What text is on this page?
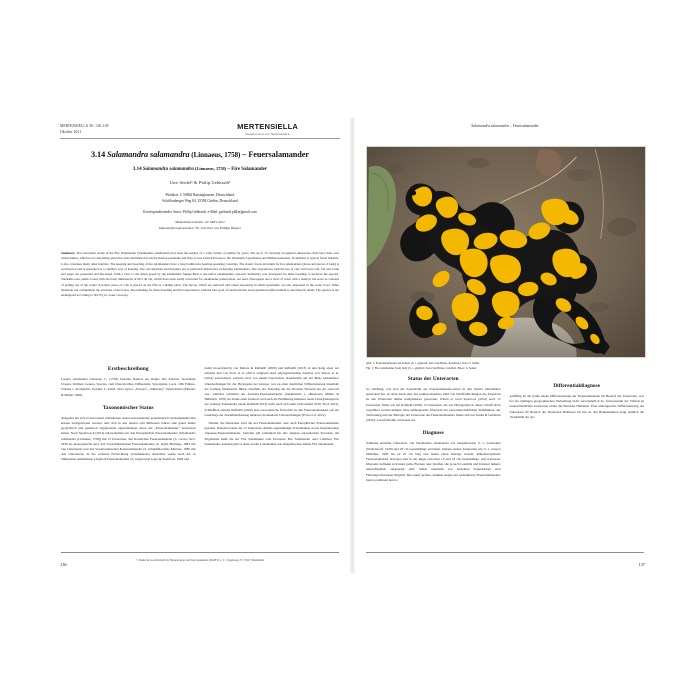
MERTENSIELLA 30: 136–149
Oktober 2021
MERTENSIELLA
Supplement zur Salamandra
3.14 Salamandra salamandra (Linnaeus, 1758) – Feuersalamander
3.14 Salamandra salamandra (Linnaeus, 1758) – Fire Salamander
Uwe Seidel¹ & Philip Gebhardt²
¹Brinkstr. 5, 50862 Barsinghausen, Deutschland.
²Schiffenberger Weg 84, 35394 Gießen, Deutschland.
Korrespondierender Autor: Philip Gebhardt, e-Mail: gerhardt.phl[at]gmail.com
Manuskript erhalten: 20. März 2021
Manuskript angenommen: 30. Juli 2021 von Philipp Wagner
Summary. The taxonomic status of the Fire Salamander (Salamandra salamandra) has been the subject of a wide variety of studies for years. The up to 15 currently recognized subspecies often have their own trivial names, which is not surprising given the wide distribution from the Iberian peninsula and Italy across Central Europe to the Ukrainian Carpathians and Balkan peninsula. In addition to typical forest habitats, it also colonizes many other habitats. The keeping and breeding of fire salamanders have a long tradition in German-speaking countries. The classic forest terrarium for fire salamanders (moss and pieces of bark) is well known and is presented as a common way of keeping. The soil substrate and moisture are of particular importance in keeping salamanders. The experiences with the use of clay and forest soil, but also foam and paper are presented and discussed. With a view to the threat posed by the salamander fungus Bsal to the native salamanders, enzootic husbandry was developed for mass breeding to preserve the species. Stackable euro plastic boxes with the basic dimensions of 60 x 40 cm, which have been easily converted for salamander preservation, are used. Newspaper and a bowl of water with a shallow tile serve as a means of getting out of the water! A hollow piece of cork is placed on the thin as a hiding place. The larvae, which are removed and raised separately in small aquariums, are also deposited in the water bowl. Other materials can complement the structure of the boxes. The handling for mass breeding and first experiences with the later goal of reintroduction and population reinforcement is described in detail. The species is not endangered according to IUCN (LC, least concern).
Erstbeschreibung

Lacerta salamandra Linnaeus, C. (1758) Systema Naturae per Regna Tria Naturae, Secundum Classes, Ordines, Genera, Species, cum Characteribus, Differentiis, Synonymis, Locis. 10th Edition. Volume 1. Stockholm, Sweden: L. Salvii. Terra typica: „Europa“, „Nürnberg“, Deutschland (Mertens & Müller 1928).

Taxonomischer Status

Aufgrund der sich in den letzten Jahrzehnten rasant entwickelnden genetischen Forschungsmethoden konnte nachgewiesen werden, dass sich in den letzten acht Millionen Jahren eine ganze Reihe geografisch und genetisch abgegrenzter eigenständiger Arten der „Feuersalamander“ entwickelt haben. Nach Speybroeck (2014) unterscheiden wir drei Europäischen Feuersalamander (Salamandra salamandra (Linnaeus, 1758)) mit 13 Unterarten, den Korsischen Feuersalamander (S. corsica Savi, 1838 als monotypische Art), den Nordafrikanischen Feuersalamander (S. algira Bedriaga, 1883 mit vier Unterarten) und den Vorderasiatischen Feuersalamander (S. infraimmaculata Martens, 1885 mit drei Unterarten). In der weiteren Entwicklung systematischer Ansichten wurde noch der in Südspanien beheimatete Langdorf-Feuersalamander (S. longirostris Joger & Steinfartz, 1994 und

damit monotypisch) von Dubois & Raffaëlli (2009) und Raffaëlli (2013) in den Rang einer Art erhoben und von Frost et al. (2011) aufgrund einer phylogenetischen Analyse von Vences et al. (2014) ausreichend. Letztere wird von einem bayerischen Staatsbeamt auf der Basis molekularer Untersuchungen für die Phylogenie der Gruppe, was zu einer deutlichen Differenzierung innerhalb der Gattung Salamandra führte, ebenfalls der Trennung um die bisschen Wurzeln der Art schwach war, während weiterhin der Asturien-Feuersalamander (Salamandra s. almanzoris Müller & Hellmich, 1935) als Status einer Unterart, und auch die Einführung mehrerer neuer Untergattungen in der Gattung Salamandra (siehe Raffaëlli 2013) nicht nach sich zieht (Schoenfeld 2018, Frost 2021). Schließlich erzielte Raffaëlli (2020) eine taxonomische Übersicht zu den Feuersalamandern auf der Grundlage der Zusammenfassung mehrerer molekularer Untersuchungen (Frost et al. 2021).

Nanum. Im Deutschen wird die Art Feuersalamander oder auch Europäischer Feuersalamander genannt. Daneben haben die 13 Unterarten oftmals eigenständige Trivialnamen sowie beispielsweise Alpensee-Feuersalamander. Gleiches gilt prinzipiell für alle anderen europäischen Sprachen. Im Englischen heißt die Art Fire Salamander oder European Fire Salamander oder Common Fire Salamander, daneben gibt es dann wieder Lokalnamen wie beispielsweise Italian Fire Salamander.

© Deutsche Gesellschaft für Herpetologie und Terrarienkunde (DGHT) e. V., Vogelsang 27, 53347 Mannheim
136
Salamandra salamandra – Feuersalamander
Abb. 1: Feuersalamander aus Italien (S. s. gigliolii, Serra San Bruno, Kalabrien). Foto: U. Seidel.
Fig. 1: Fire salamander from Italy (S. s. gigliolii, Serra San Bruno, Calabria). Photo: U. Seidel.
Status der Unterarten

So vielfältig, wie sich die Systematik der Feuersalamander-Arten in den letzten Jahrzehnten entwickelt hat, ist auch durch eine fast unüberschaubare Zahl von Veröffentlichungen die Übersicht zu den Unterarten immer komplizierter geworden. Wären es noch Sparrowe (2014) noch 13 Unterarten, findet wir bei Raffaëlli (2020) 15 Unterarten, die aus Phylogräden in dieser Schrift nicht vergrößert werden können. Eine umfangreiche Übersicht der verwandtschaftlichen Verhältnisse, der Verbreitung und der Biologie der Unterarten des Feuersalamanders findet sich bei Seidel & Gebhardt (2016), worauf hiermit verwiesen sei.

Diagnose

Während zierliche Unterarten von Salamandra salamandra wie beispielsweise S. s. bernardezi (Wolterstorff, 1928) und 20 cm Gesamtlänge erreichen, können andere Unterarten wie S. s. crespoi Malkmus, 1983 bis zu 25 cm lang und haben einen massige Gestalt. Mitteleuropäische Feuersalamander bewegen sich in der Regel zwischen 16 und 18 cm Gesamtlänge. Auf schwarzer Oberseite befinden sich meist gelbe Flecken oder Streifen, die je nach Lokalität und Unterart äußerst unterschiedlich ausgeprägt sind. Selbst innerhalb von einzelnen Populationen sind Färbungsvariationen möglich. Die relativ großen, dunklen Augen des nachtaktiven Feuersalamanders treten prominent hervor.

Differentialdiagnose

Auffällig ist die große lokale Differenzierung der Feuersalamander im Bereich der Unterarten, was bei der räumigen geographischen Verbreitung nicht verwunderlich ist. Schwerpunkt der Vielfalt an unterschiedlichen Unterarten bildet die Bereiche Halbinsel. Eine umlangreiche Differenzierung der Unterarten im Bereich der Iberischen Halbinsel bis hin zu den Balkanländern zeigt deutlich die Variabilität der Art.

137
